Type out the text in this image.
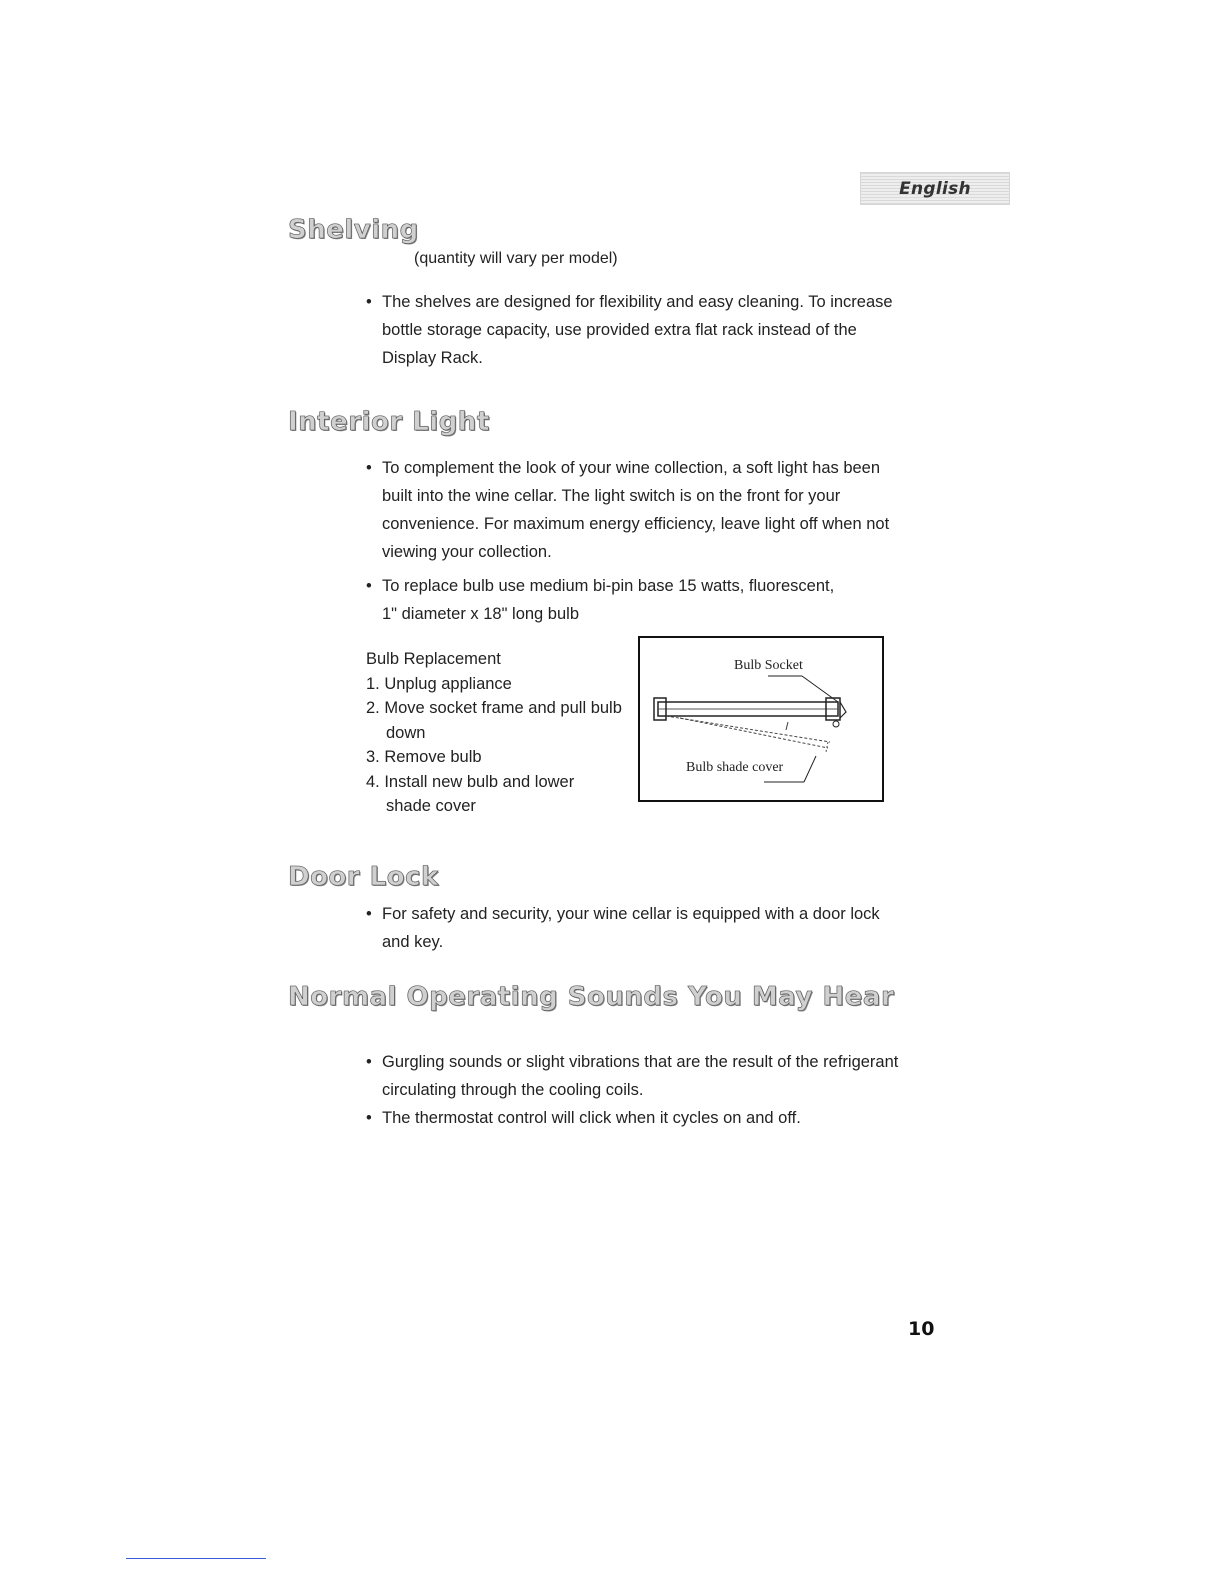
English
Shelving
(quantity will vary per model)
• The shelves are designed for flexibility and easy cleaning. To increase
bottle storage capacity, use provided extra flat rack instead of the
Display Rack.
Interior Light
• To complement the look of your wine collection, a soft light has been
built into the wine cellar. The light switch is on the front for your
convenience. For maximum energy efficiency, leave light off when not
viewing your collection.
• To replace bulb use medium bi-pin base 15 watts, fluorescent,
1" diameter x 18" long bulb
Bulb Replacement
1. Unplug appliance
2. Move socket frame and pull bulb
down
3. Remove bulb
4. Install new bulb and lower
shade cover
Bulb Socket
Bulb shade cover
Door Lock
• For safety and security, your wine cellar is equipped with a door lock
and key.
Normal Operating Sounds You May Hear
• Gurgling sounds or slight vibrations that are the result of the refrigerant
circulating through the cooling coils.
• The thermostat control will click when it cycles on and off.
10
